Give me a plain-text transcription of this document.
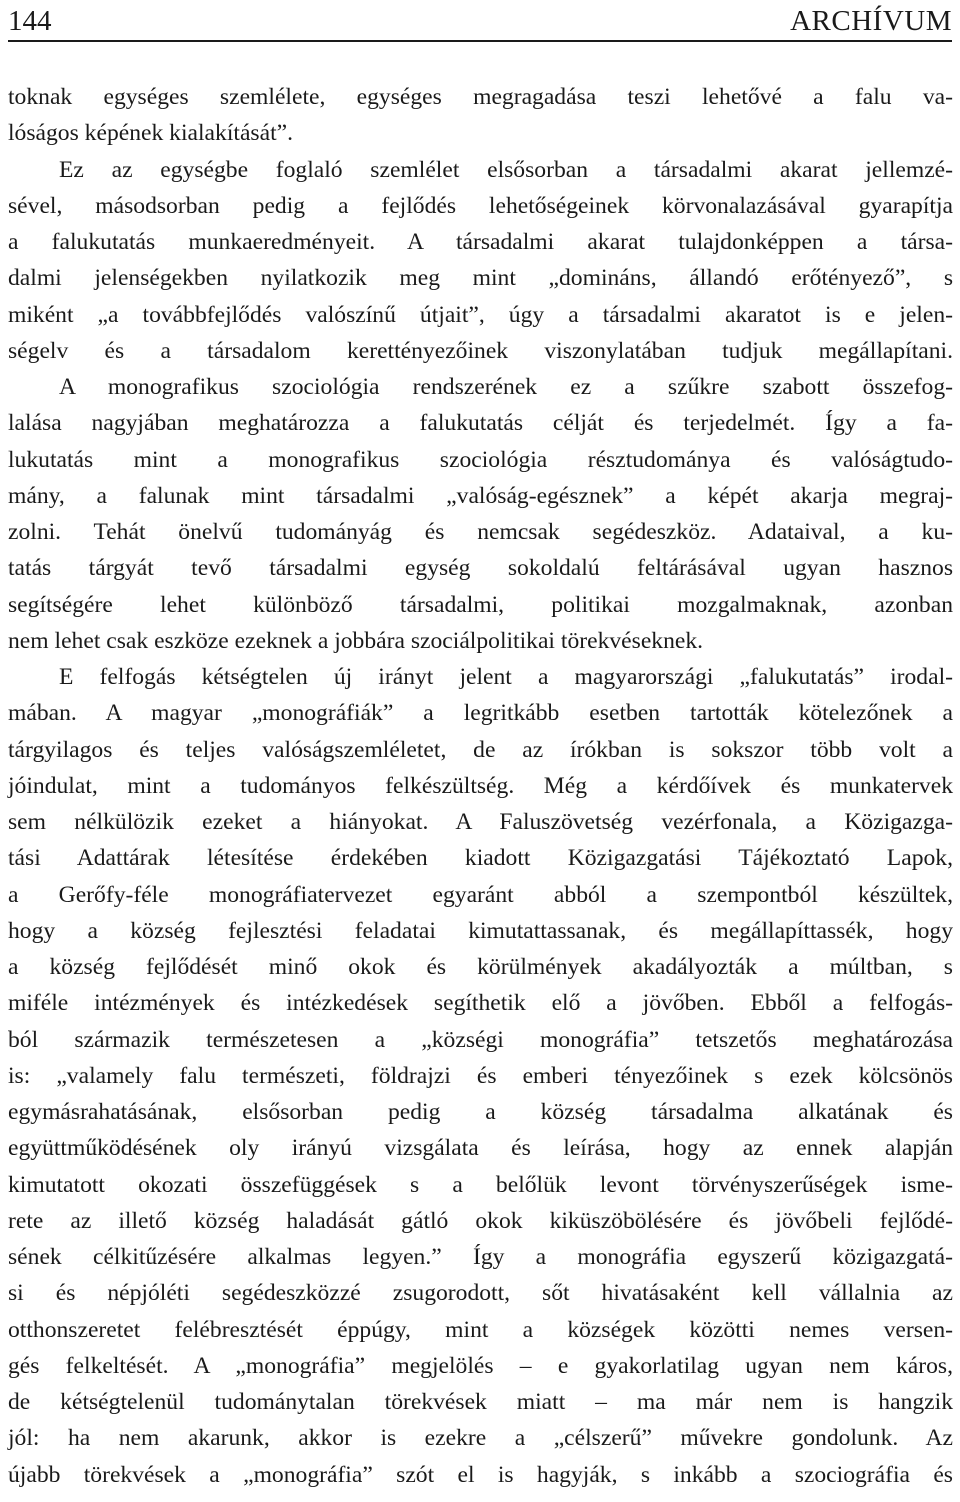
144	ARCHÍVUM
toknak egységes szemlélete, egységes megragadása teszi lehetővé a falu va-
lóságos képének kialakítását”.
Ez az egységbe foglaló szemlélet elsősorban a társadalmi akarat jellemzé-
sével, másodsorban pedig a fejlődés lehetőségeinek körvonalazásával gyarapítja
a falukutatás munkaeredményeit. A társadalmi akarat tulajdonképpen a társa-
dalmi jelenségekben nyilatkozik meg mint „domináns, állandó erőtényező”, s
miként „a továbbfejlődés valószínű útjait”, úgy a társadalmi akaratot is e jelen-
ségelv és a társadalom kerettényezőinek viszonylatában tudjuk megállapítani.
A monografikus szociológia rendszerének ez a szűkre szabott összefog-
lalása nagyjában meghatározza a falukutatás célját és terjedelmét. Így a fa-
lukutatás mint a monografikus szociológia résztudománya és valóságtudo-
mány, a falunak mint társadalmi „valóság-egésznek” a képét akarja megraj-
zolni. Tehát önelvű tudományág és nemcsak segédeszköz. Adataival, a ku-
tatás tárgyát tevő társadalmi egység sokoldalú feltárásával ugyan hasznos
segítségére lehet különböző társadalmi, politikai mozgalmaknak, azonban
nem lehet csak eszköze ezeknek a jobbára szociálpolitikai törekvéseknek.
E felfogás kétségtelen új irányt jelent a magyarországi „falukutatás” irodal-
mában. A magyar „monográfiák” a legritkább esetben tartották kötelezőnek a
tárgyilagos és teljes valóságszemléletet, de az írókban is sokszor több volt a
jóindulat, mint a tudományos felkészültség. Még a kérdőívek és munkatervek
sem nélkülözik ezeket a hiányokat. A Faluszövetség vezérfonala, a Közigazga-
tási Adattárak létesítése érdekében kiadott Közigazgatási Tájékoztató Lapok,
a Gerőfy-féle monográfiatervezet egyaránt abból a szempontból készültek,
hogy a község fejlesztési feladatai kimutattassanak, és megállapíttassék, hogy
a község fejlődését minő okok és körülmények akadályozták a múltban, s
miféle intézmények és intézkedések segíthetik elő a jövőben. Ebből a felfogás-
ból származik természetesen a „községi monográfia” tetszetős meghatározása
is: „valamely falu természeti, földrajzi és emberi tényezőinek s ezek kölcsönös
egymásrahatásának, elsősorban pedig a község társadalma alkatának és
együttműködésének oly irányú vizsgálata és leírása, hogy az ennek alapján
kimutatott okozati összefüggések s a belőlük levont törvényszerűségek isme-
rete az illető község haladását gátló okok kiküszöbölésére és jövőbeli fejlődé-
sének célkitűzésére alkalmas legyen.” Így a monográfia egyszerű közigazgatá-
si és népjóléti segédeszközzé zsugorodott, sőt hivatásaként kell vállalnia az
otthonszeretet felébresztését éppúgy, mint a községek közötti nemes versen-
gés felkeltését. A „monográfia” megjelölés – e gyakorlatilag ugyan nem káros,
de kétségtelenül tudománytalan törekvések miatt – ma már nem is hangzik
jól: ha nem akarunk, akkor is ezekre a „célszerű” művekre gondolunk. Az
újabb törekvések a „monográfia” szót el is hagyják, s inkább a szociográfia és
